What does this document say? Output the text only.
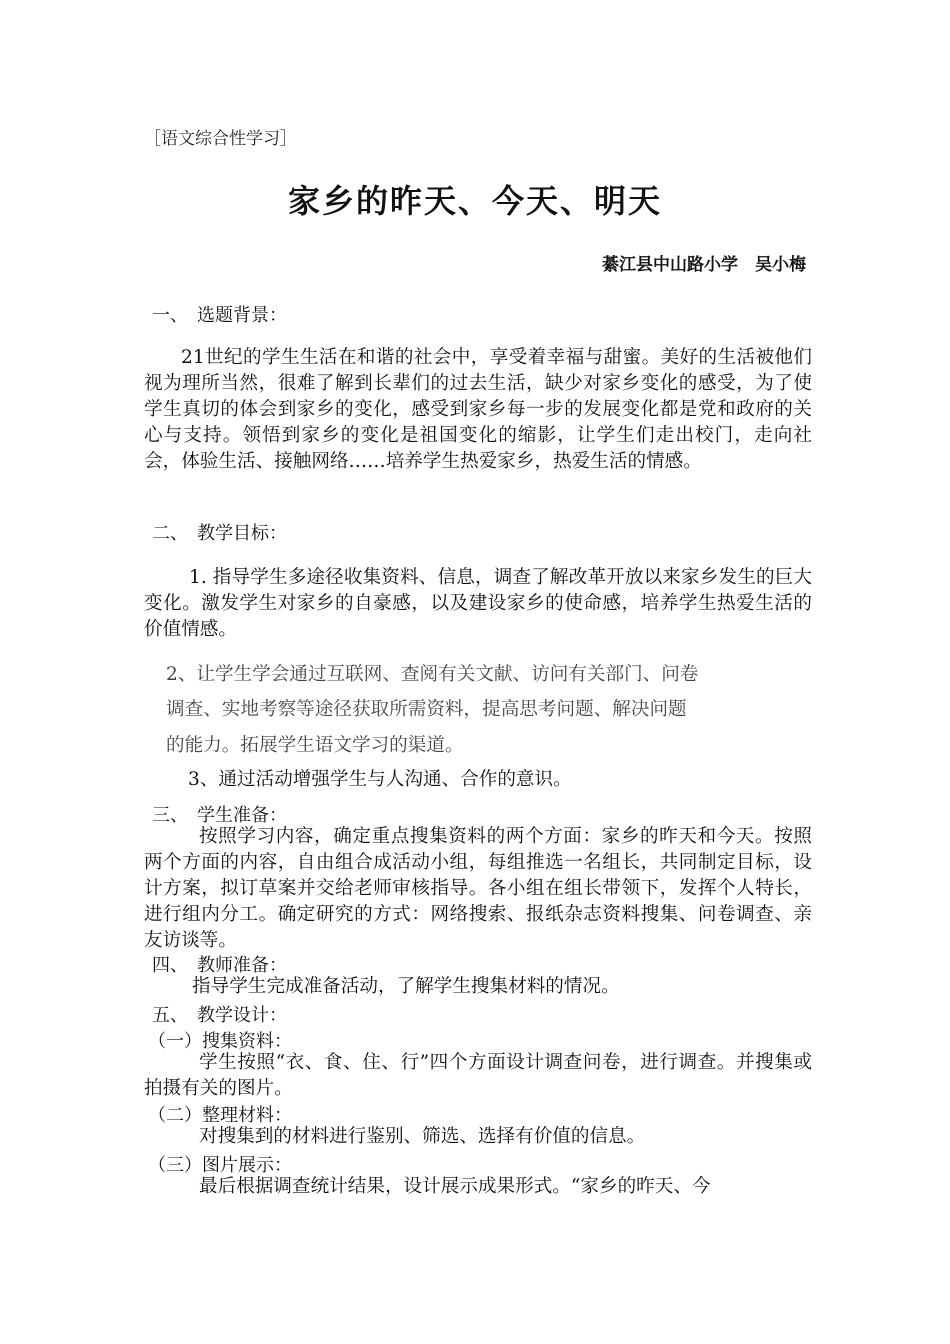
［语文综合性学习］

家乡的昨天、今天、明天

綦江县中山路小学　吴小梅

一、　选题背景：

21世纪的学生生活在和谐的社会中，享受着幸福与甜蜜。美好的生活被他们视为理所当然，很难了解到长辈们的过去生活，缺少对家乡变化的感受，为了使学生真切的体会到家乡的变化，感受到家乡每一步的发展变化都是党和政府的关心与支持。领悟到家乡的变化是祖国变化的缩影，让学生们走出校门，走向社会，体验生活、接触网络……培养学生热爱家乡，热爱生活的情感。

二、　教学目标：

1. 指导学生多途径收集资料、信息，调查了解改革开放以来家乡发生的巨大变化。激发学生对家乡的自豪感，以及建设家乡的使命感，培养学生热爱生活的价值情感。

2、让学生学会通过互联网、查阅有关文献、访问有关部门、问卷

调查、实地考察等途径获取所需资料，提高思考问题、解决问题

的能力。拓展学生语文学习的渠道。

3、通过活动增强学生与人沟通、合作的意识。

三、　学生准备：

按照学习内容，确定重点搜集资料的两个方面：家乡的昨天和今天。按照两个方面的内容，自由组合成活动小组，每组推选一名组长，共同制定目标，设计方案，拟订草案并交给老师审核指导。各小组在组长带领下，发挥个人特长，进行组内分工。确定研究的方式：网络搜索、报纸杂志资料搜集、问卷调查、亲友访谈等。

四、　教师准备：

指导学生完成准备活动，了解学生搜集材料的情况。

五、　教学设计：

（一）搜集资料：

学生按照“衣、食、住、行”四个方面设计调查问卷，进行调查。并搜集或拍摄有关的图片。

（二）整理材料：

对搜集到的材料进行鉴别、筛选、选择有价值的信息。

（三）图片展示：

最后根据调查统计结果，设计展示成果形式。“家乡的昨天、今
